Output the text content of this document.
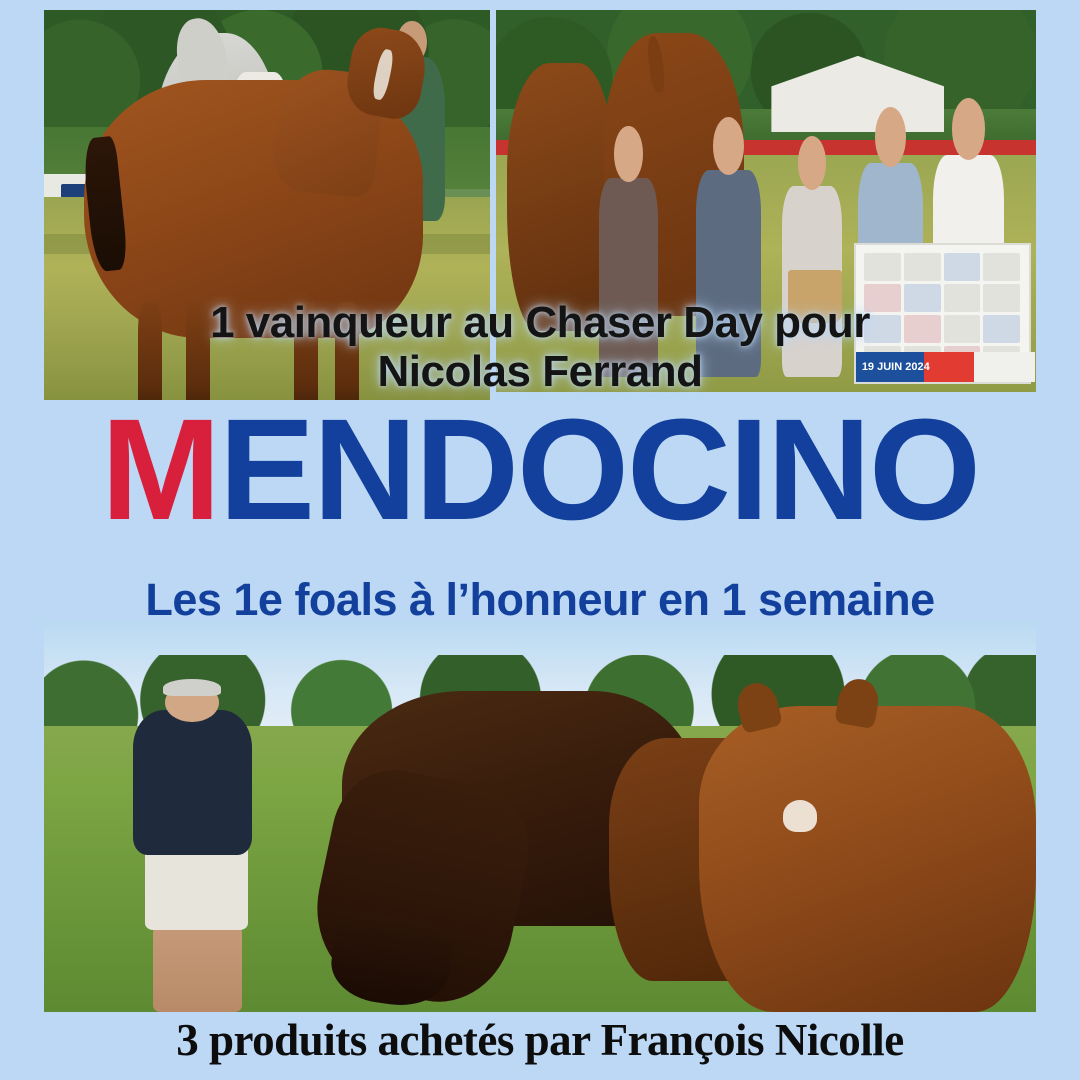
19 JUIN 2024
1 vainqueur au Chaser Day pour
Nicolas Ferrand
MENDOCINO
Les 1e foals à l’honneur en 1 semaine
3 produits achetés par François Nicolle
